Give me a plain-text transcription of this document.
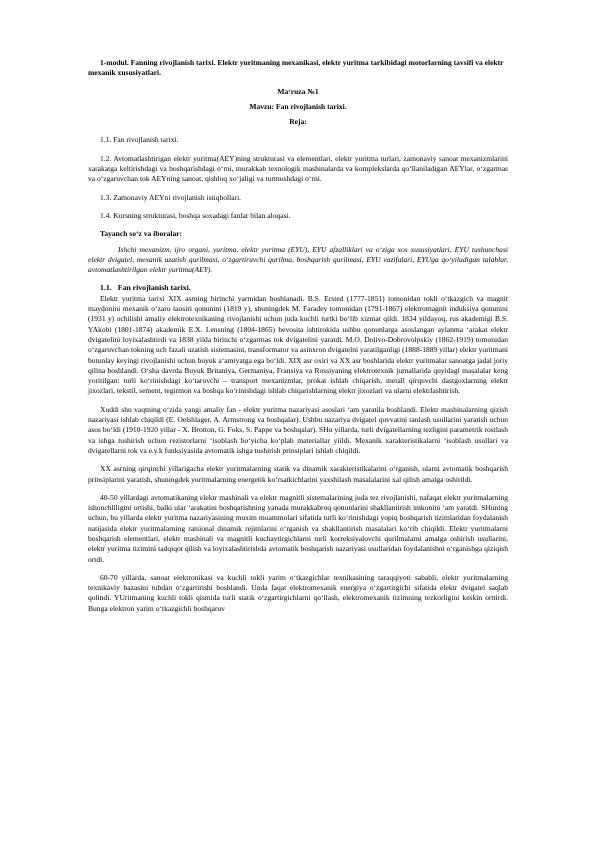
1-modul. Fanning rivojlanish tarixi. Elektr yuritmaning mexanikasi, elektr yuritma tarkibidagi motorlarning tavsifi va elektr mexanik xususiyatlari.

Ma‘ruza №1

Mavzu: Fan rivojlanish tarixi.

Reja:

1.1. Fan rivojlanish tarixi.

1.2. Avtomatlashtirigan elektr yuritma(AEY)ning strukturasi va elementlari, elektr yuritma turlari, zamonaviy sanoat mexanizmlarini xarakatga keltirishdagi va boshqarishdagi o‘rni, murakkab texnologik mashinalarda va komplekslarda qo‘llaniladigan AEYlar, o‘zgarmas va o‘zgaruvchan tok AEYning sanoat, qishloq xo‘jaligi va turmushdagi o‘rni.

1.3. Zamonaviy AEYni rivojlanish istiqbollari.

1.4. Kursning strukturasi, boshqa soxadagi fanlar bilan aloqasi.

Tayanch so‘z va iboralar:

Ishchi mexanizm, ijro organi, yuritma, elektr yuritma (EYU), EYU afzalliklari va o‘ziga xos xususiyatlari, EYU tushunchasi elektr dvigatel, mexanik uzatish qurilmasi, o‘zgartiruvchi qurilma, boshqarish qurilmasi, EYU vazifalari, EYUga qo‘yiladigan talablar, avtomatlashtirilgan elektr yuritma(AEY).

1.1. Fan rivojlanish tarixi.

Elektr yuritma tarixi XIX asrning birinchi yarmidan boshlanadi. B.S. Ersted (1777-1851) tomonidan tokli o‘tkazgich va magnit maydonini mexanik o‘zaro taosiri qonunini (1819 y), shuningdek M. Faradey tomonidan (1791-1867) elektromagnit induksiya qonunini (1931 y) ochilishi amaliy elektrotexnikaning rivojlanishi uchun juda kuchli turtki bo‘lib xizmat qildi. 1834 yildayoq, rus akademigi B.S. YAkobi (1801-1874) akademik E.X. Lensning (1804-1865) bevosita ishtirokida ushbu qonunlarga asoslangan aylanma ‘arakat elektr dvigatelini loyixalashtirdi va 1838 yilda birinchi o‘zgarmas tok dvigatelini yaratdi. M.O. Dolivo-Dobrovolpskiy (1862-1919) tomonidan o‘zgaruvchan tokning uch fazali uzatish sistemasini, transformator va asinxron dvigatelni yaratilganligi (1888-1889 yillar) elektr yuritmani butunlay keyingi rivojlanishi uchun buyuk a‘amiyatga ega bo‘ldi. XIX asr oxiri va XX asr boshlarida elektr yuritmalar sanoatga jadal joriy qilina boshlandi. O‘sha davrda Buyuk Britaniya, Germaniya, Fransiya va Rossiyaning elektroteхnik jurnallarida quyidagi masalalar keng yoritilgan: turli ko‘rinishdagi ko‘taruvchi – transport mexanizmlar, prokat ishlab chiqarish, metall qirquvchi dastgoxlarning elektr jixozlari, tekstil, sement, tegirmon va boshqa ko‘rinishdagi ishlab chiqarishlarning elektr jixozlari va ularni elektrlashtirish.

Xuddi shu vaqtning o‘zida yangi amaliy fan - elektr yuritma nazariyasi asoslari ‘am yaratila boshlandi. Elektr mashinalarning qizish nazariyasi ishlab chiqildi (E. Oelshlager, A. Armstrong va boshqalar). Ushbu nazariya dvigatel quvvatini tanlash usullarini yaratish uchun asos bo‘ldi (1910-1920 yillar - X. Brotton, G. Foks, S. Pappe va boshqalar). SHu yillarda, turli dvigatellarning tezligini parametrik rostlash va ishga tushirish uchun rezistorlarni ‘isoblash bo‘yicha ko‘plab materiallar yiildi. Mexanik xarakteristikalarni ‘isoblash usullari va dvigatellarni tok va e.y.k funksiyasida avtomatik ishga tushirish prinsiplari ishlab chiqildi.

XX asrning qirqinchi yillarigacha elektr yuritmalarning statik va dinamik xarakteristikalarini o‘rganish, ularni avtomatik boshqarish prinsiplarini yaratish, shuningdek yuritmalarning energetik ko‘rsatkichlarini yaxshilash masalalarini xal qilish amalga oshirildi.

40-50 yillardagi avtomatikaning elektr mashinali va elektr magnitli sistemalarining juda tez rivojlanishi, nafaqat elektr yuritmalarning ishonchliligini ortishi, balki ular ‘arakatini boshqarishning yanada murakkabroq qonunlarini shakllantirish imkonini ‘am yaratdi. SHuning uchun, bu yillarda elektr yuritma nazariyasining muxim muammolari sifatida turli ko‘rinishdagi yopiq boshqarish tizimlaridan foydalanish natijasida elektr yuritmalarning ratsional dinamik rejimlarini o‘rganish va shakllantirish masalalari ko‘rib chiqildi. Elektr yuritmalarni boshqarish elementlari, elektr mashinali va magnitli kuchaytirgichlarni turli korreksiyalovchi qurilmalarni amalga oshirish usullarini, elektr yuritma tizimini tadqiqot qilish va loyixalashtirishda avtomatik boshqarish nazariyasi usullaridan foydalanishni o‘rganishga qiziqish ortdi.

60-70 yillarda, sanoat elektronikasi va kuchli tokli yarim o‘tkazgichlar texnikasining taraqqiyoti sababli, elektr yuritmalarning texnikaviy bazasini tubdan o‘zgartirishi boshlandi. Unda faqat elektromexanik energiya o‘zgartirgichi sifatida elektr dvigatel saqlab qolindi. YUritmaning kuchli tokli qismida turli statik o‘zgartirgichlarni qo‘llash, elektromexanik tizimning tezkorligini keskin orttirdi. Bunga elektron yarim o‘tkazgichli boshqaruv
